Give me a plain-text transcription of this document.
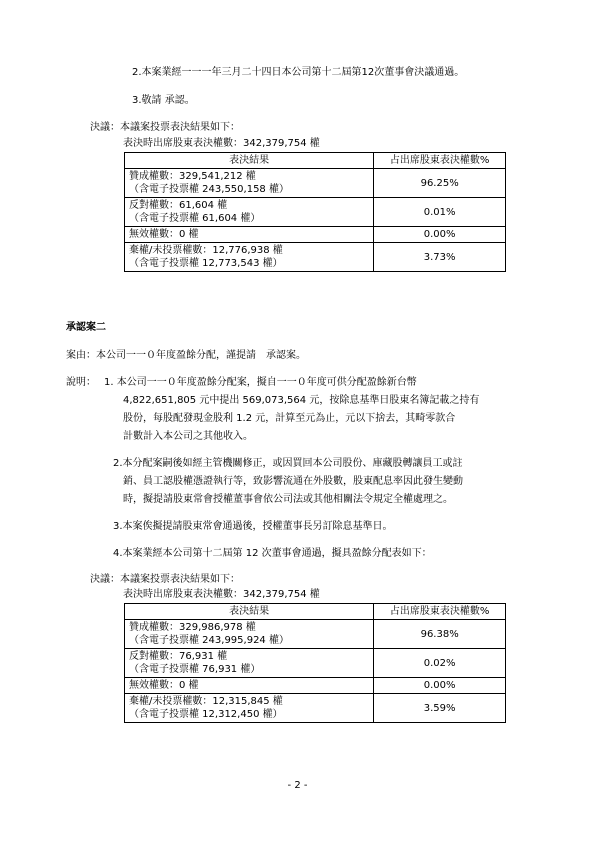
2.本案業經一一一年三月二十四日本公司第十二屆第12次董事會決議通過。
3.敬請 承認。
決議：本議案投票表決結果如下：
表決時出席股東表決權數：342,379,754 權
表決結果	占出席股東表決權數%

贊成權數：329,541,212 權
（含電子投票權 243,550,158 權）	96.25%

反對權數：61,604 權
（含電子投票權 61,604 權）	0.01%

無效權數：0 權	0.00%

棄權/未投票權數：12,776,938 權
（含電子投票權 12,773,543 權）	3.73%
承認案二
案由：本公司一一０年度盈餘分配，謹提請　承認案。
說明： 1. 本公司一一０年度盈餘分配案，擬自一一０年度可供分配盈餘新台幣
4,822,651,805 元中提出 569,073,564 元，按除息基準日股東名簿記載之持有
股份，每股配發現金股利 1.2 元，計算至元為止，元以下捨去，其畸零款合
計數計入本公司之其他收入。
2.本分配案嗣後如經主管機關修正，或因買回本公司股份、庫藏股轉讓員工或註
銷、員工認股權憑證執行等，致影響流通在外股數，股東配息率因此發生變動
時，擬提請股東常會授權董事會依公司法或其他相關法令規定全權處理之。
3.本案俟擬提請股東常會通過後，授權董事長另訂除息基準日。
4.本案業經本公司第十二屆第 12 次董事會通過，擬具盈餘分配表如下：
決議：本議案投票表決結果如下：
表決時出席股東表決權數：342,379,754 權
表決結果	占出席股東表決權數%

贊成權數：329,986,978 權
（含電子投票權 243,995,924 權）	96.38%

反對權數：76,931 權
（含電子投票權 76,931 權）	0.02%

無效權數：0 權	0.00%

棄權/未投票權數：12,315,845 權
（含電子投票權 12,312,450 權）	3.59%
- 2 -
